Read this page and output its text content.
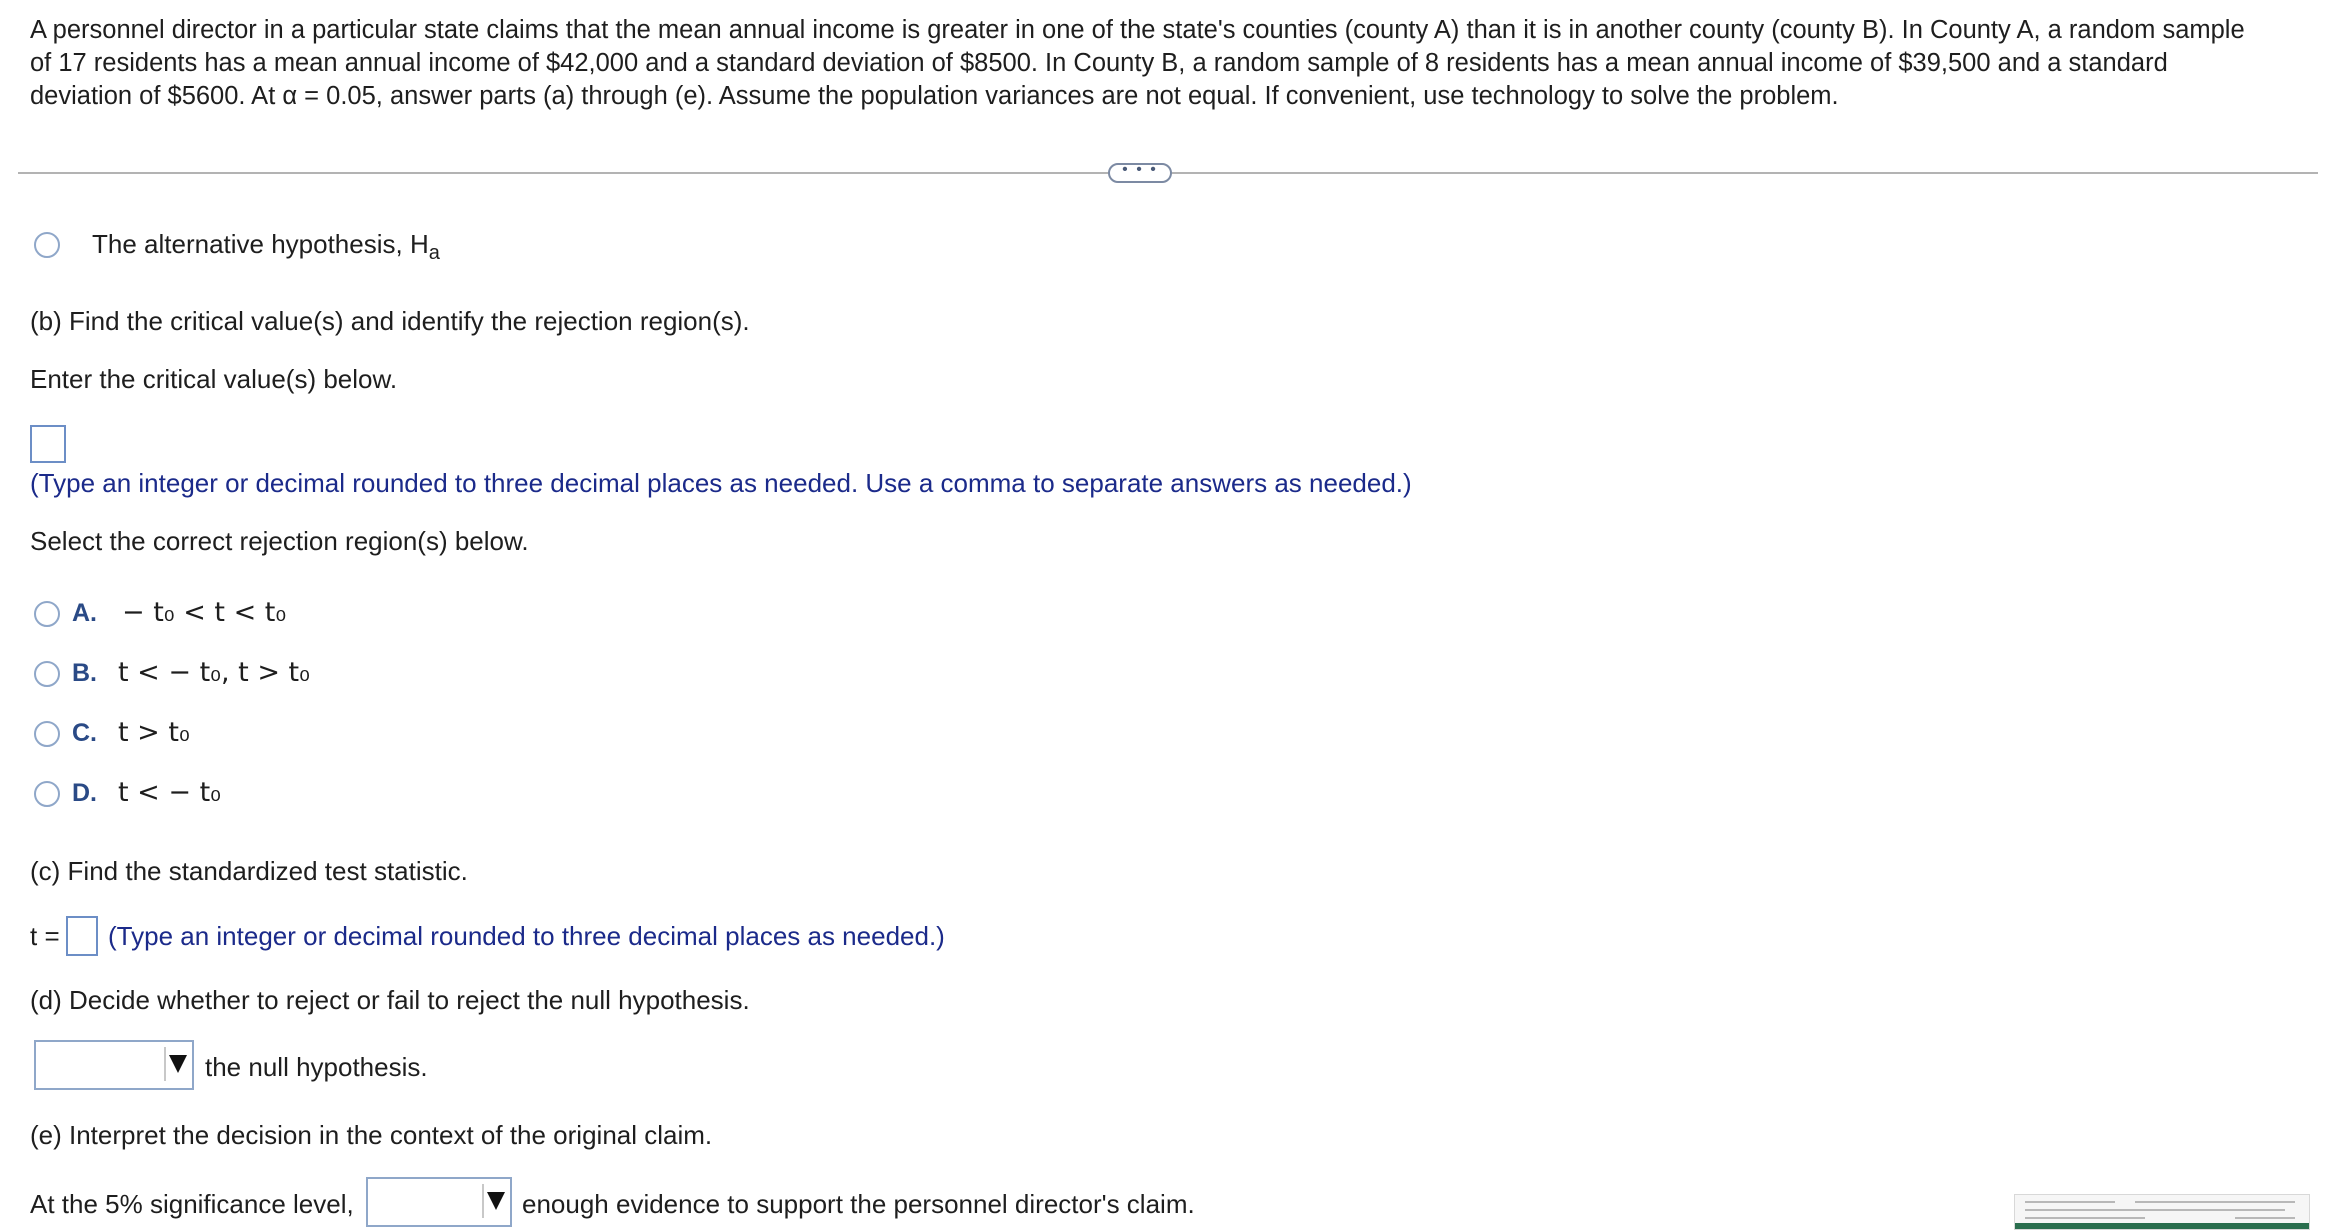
A personnel director in a particular state claims that the mean annual income is greater in one of the state's counties (county A) than it is in another county (county B). In County A, a random sample
of 17 residents has a mean annual income of $42,000 and a standard deviation of $8500. In County B, a random sample of 8 residents has a mean annual income of $39,500 and a standard
deviation of $5600. At α = 0.05, answer parts (a) through (e). Assume the population variances are not equal. If convenient, use technology to solve the problem.
• • •
The alternative hypothesis, $H_a$
(b) Find the critical value(s) and identify the rejection region(s).
Enter the critical value(s) below.
(Type an integer or decimal rounded to three decimal places as needed. Use a comma to separate answers as needed.)
Select the correct rejection region(s) below.
A. − t₀ < t < t₀
B. t < − t₀, t > t₀
C. t > t₀
D. t < − t₀
(c) Find the standardized test statistic.
t = (Type an integer or decimal rounded to three decimal places as needed.)
(d) Decide whether to reject or fail to reject the null hypothesis.
the null hypothesis.
(e) Interpret the decision in the context of the original claim.
At the 5% significance level,	enough evidence to support the personnel director's claim.
